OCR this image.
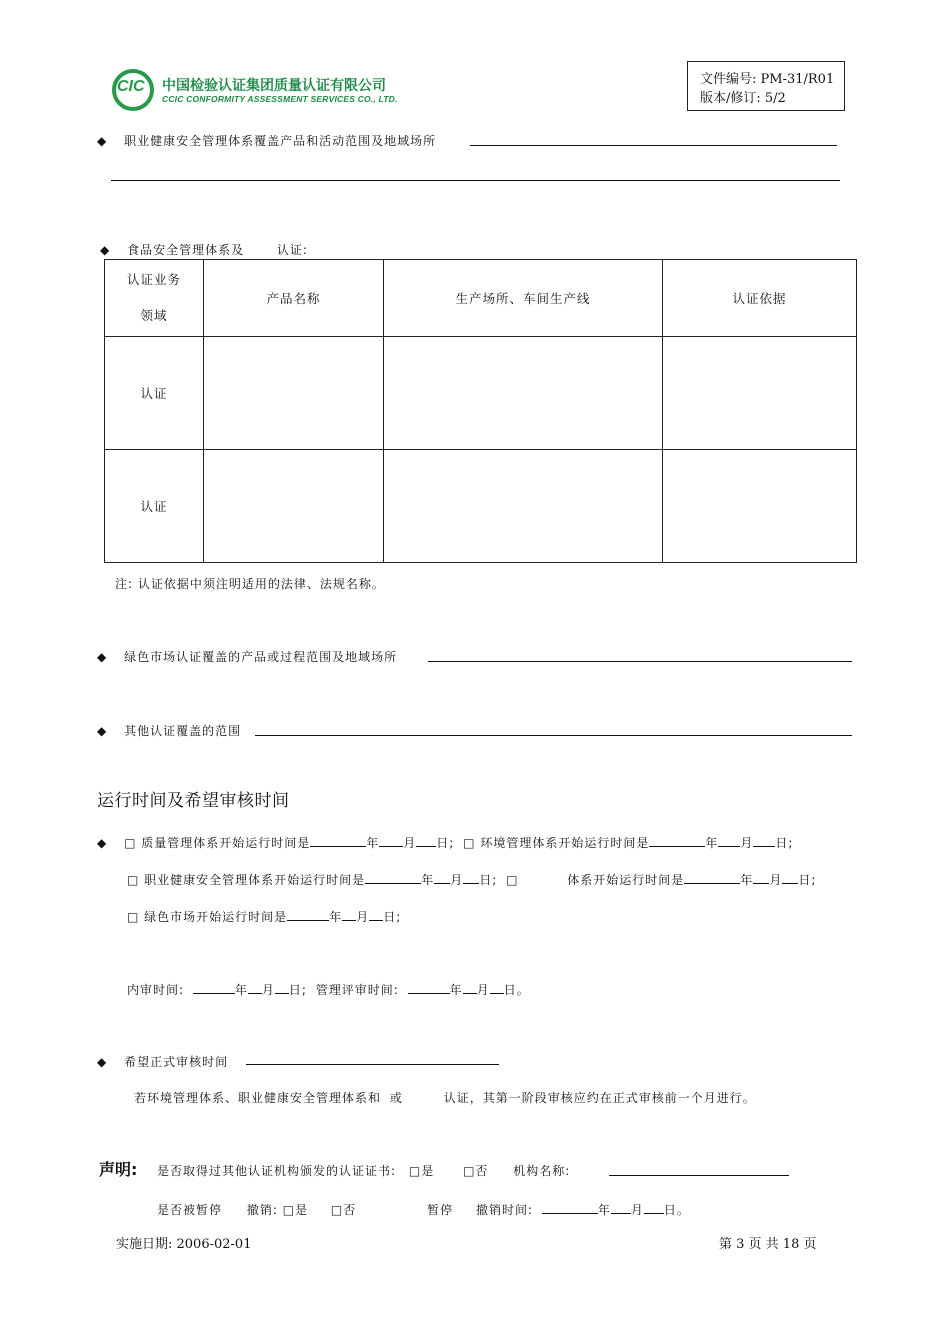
CIC 中国检验认证集团质量认证有限公司
CCIC CONFORMITY ASSESSMENT SERVICES CO., LTD.
文件编号: PM-31/R01
版本/修订: 5/2
◆ 职业健康安全管理体系覆盖产品和活动范围及地域场所
◆ 食品安全管理体系及	认证:
认证业务
领域	产品名称	生产场所、车间生产线	认证依据
认证			
认证			
注: 认证依据中须注明适用的法律、法规名称。
◆ 绿色市场认证覆盖的产品或过程范围及地域场所
◆ 其他认证覆盖的范围
运行时间及希望审核时间
◆ □ 质量管理体系开始运行时间是	年 月 日; □ 环境管理体系开始运行时间是	年 月 日;
□ 职业健康安全管理体系开始运行时间是	年 月 日; □	体系开始运行时间是	年 月 日;
□ 绿色市场开始运行时间是	年 月 日;
内审时间:	年 月 日; 管理评审时间:	年 月 日。
◆ 希望正式审核时间
若环境管理体系、职业健康安全管理体系和 或	认证，其第一阶段审核应约在正式审核前一个月进行。
声明: 是否取得过其他认证机构颁发的认证证书: □是 □否 机构名称:
是否被暂停 撤销: □是 □否	暂停 撤销时间:	年 月 日。
实施日期: 2006-02-01	第 3 页 共 18 页
